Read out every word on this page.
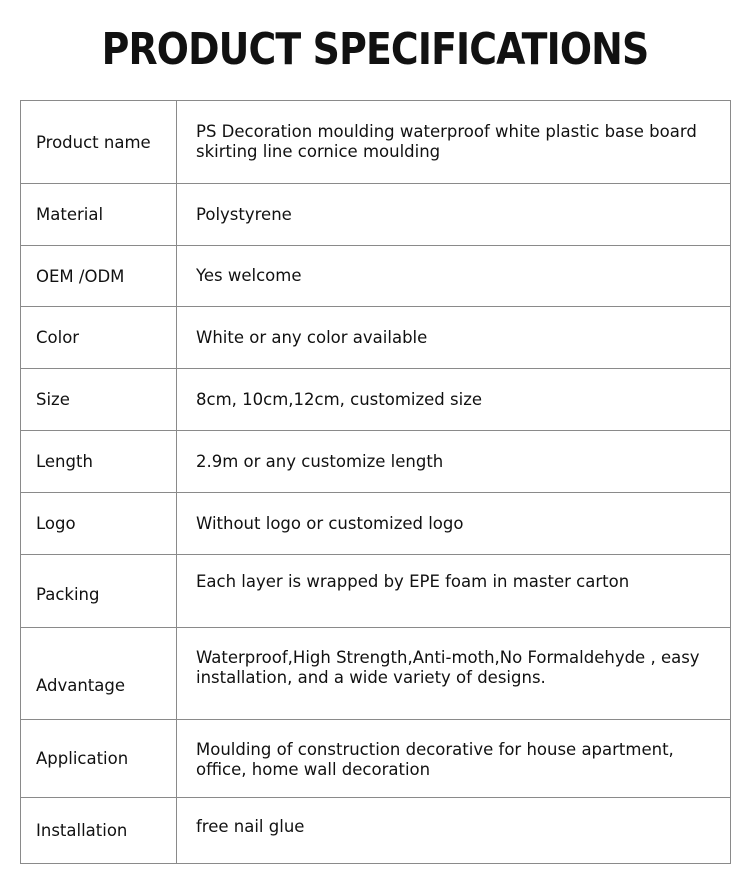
PRODUCT SPECIFICATIONS
Product name	PS Decoration moulding waterproof white plastic base board skirting line cornice moulding

Material	Polystyrene
OEM /ODM	Yes welcome
Color	White or any color available
Size	8cm, 10cm,12cm, customized size
Length	2.9m or any customize length
Logo	Without logo or customized logo

Packing	Each layer is wrapped by EPE foam in master carton

Advantage	Waterproof,High Strength,Anti-moth,No Formaldehyde , easy installation, and a wide variety of designs.

Application	Moulding of construction decorative for house apartment, office, home wall decoration

Installation	free nail glue
